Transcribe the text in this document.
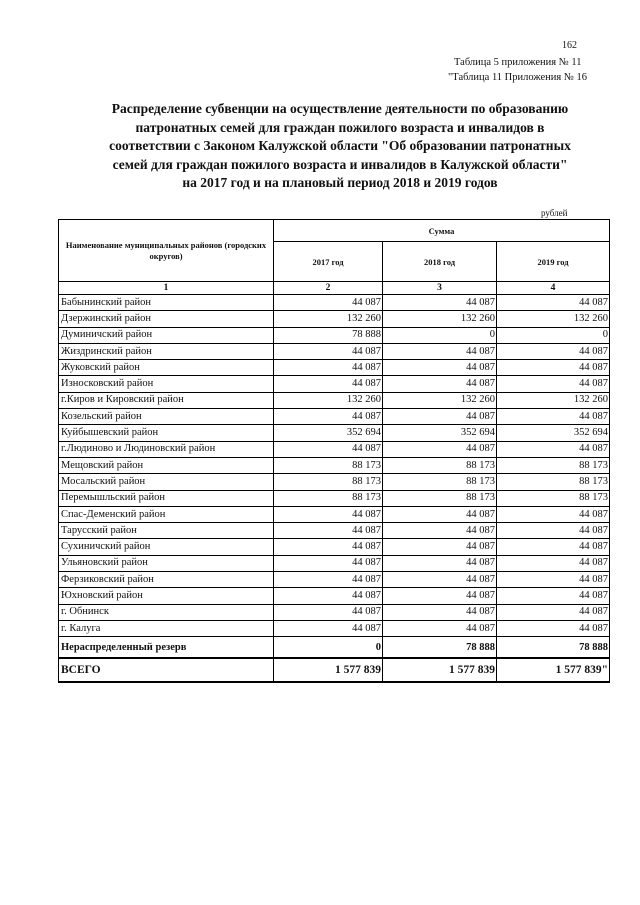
162
Таблица 5 приложения № 11
"Таблица 11 Приложения № 16
Распределение субвенции на осуществление деятельности по образованию
патронатных семей для граждан пожилого возраста и инвалидов в
соответствии с Законом Калужской области "Об образовании патронатных
семей для граждан пожилого возраста и инвалидов в Калужской области"
на 2017 год и на плановый период 2018 и 2019 годов
рублей
Наименование муниципальных районов (городских округов)	Сумма		
	2017 год	2018 год	2019 год
1	2	3	4
Бабынинский район	44 087	44 087	44 087
Дзержинский район	132 260	132 260	132 260
Думиничский район	78 888	0	0
Жиздринский район	44 087	44 087	44 087
Жуковский район	44 087	44 087	44 087
Износковский район	44 087	44 087	44 087
г.Киров и Кировский район	132 260	132 260	132 260
Козельский район	44 087	44 087	44 087
Куйбышевский район	352 694	352 694	352 694
г.Людиново и Людиновский район	44 087	44 087	44 087
Мещовский район	88 173	88 173	88 173
Мосальский район	88 173	88 173	88 173
Перемышльский район	88 173	88 173	88 173
Спас-Деменский район	44 087	44 087	44 087
Тарусский район	44 087	44 087	44 087
Сухиничский район	44 087	44 087	44 087
Ульяновский район	44 087	44 087	44 087
Ферзиковский район	44 087	44 087	44 087
Юхновский район	44 087	44 087	44 087
г. Обнинск	44 087	44 087	44 087
г. Калуга	44 087	44 087	44 087
Нераспределенный резерв	0	78 888	78 888
ВСЕГО	1 577 839	1 577 839	1 577 839"
